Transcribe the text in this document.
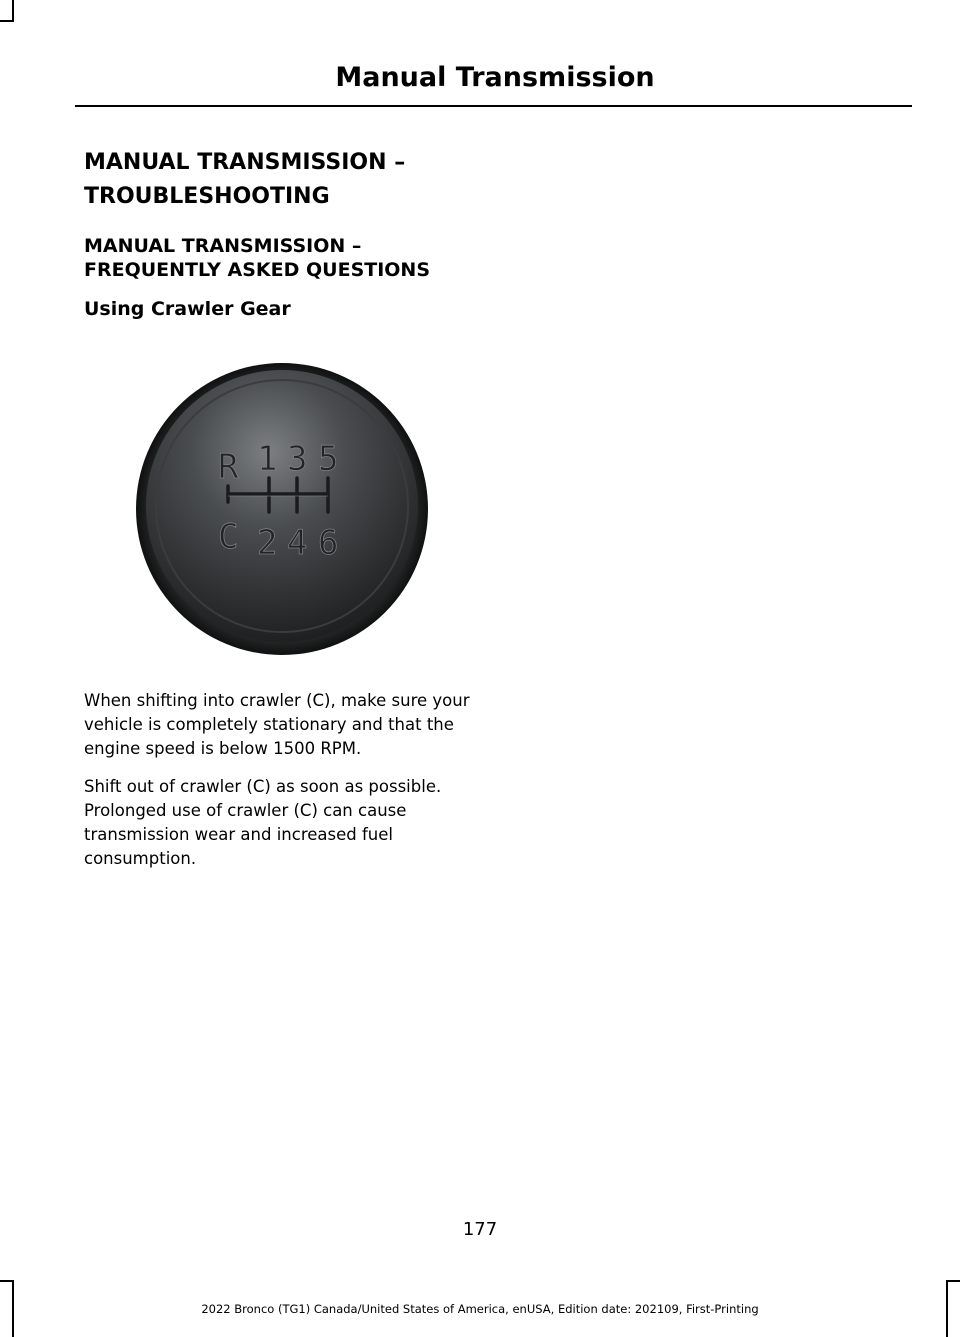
Manual Transmission

MANUAL TRANSMISSION –

TROUBLESHOOTING

MANUAL TRANSMISSION –

FREQUENTLY ASKED QUESTIONS

Using Crawler Gear

R 1 3 5
C 2 4 6

When shifting into crawler (C), make sure your vehicle is completely stationary and that the engine speed is below 1500 RPM.

Shift out of crawler (C) as soon as possible. Prolonged use of crawler (C) can cause transmission wear and increased fuel consumption.

177
2022 Bronco (TG1) Canada/United States of America, enUSA, Edition date: 202109, First-Printing
